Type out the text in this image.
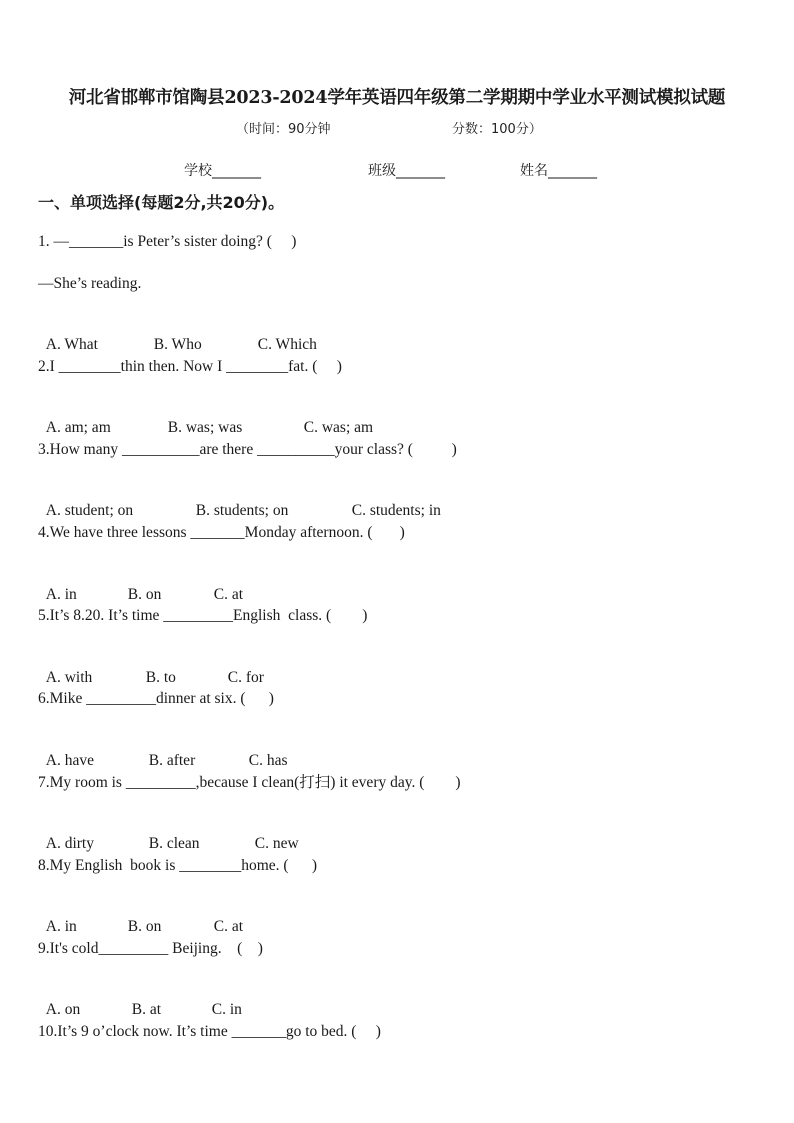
河北省邯郸市馆陶县2023-2024学年英语四年级第二学期期中学业水平测试模拟试题
（时间：90分钟	分数：100分）
学校_______	班级_______	姓名_______
一、单项选择(每题2分,共20分)。
1. —_______is Peter’s sister doing? (     )
—She’s reading.

A. What	B. Who	C. Which

2.I ________thin then. Now I ________fat. (     )

A. am; am	B. was; was	C. was; am

3.How many __________are there __________your class? (          )

A. student; on	B. students; on	C. students; in

4.We have three lessons _______Monday afternoon. (       )

A. in	B. on	C. at

5.It’s 8.20. It’s time _________English  class. (        )

A. with	B. to	C. for

6.Mike _________dinner at six. (      )

A. have	B. after	C. has

7.My room is _________,because I clean(打扫) it every day. (        )

A. dirty	B. clean	C. new

8.My English  book is ________home. (      )

A. in	B. on	C. at

9.It's cold_________ Beijing.    (    )

A. on	B. at	C. in

10.It’s 9 o’clock now. It’s time _______go to bed. (     )
